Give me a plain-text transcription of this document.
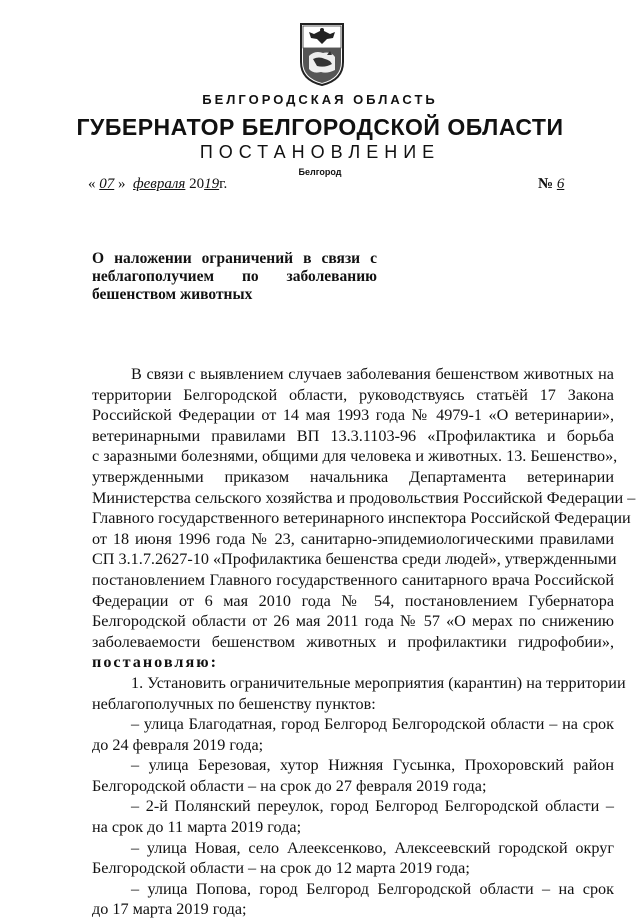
БЕЛГОРОДСКАЯ ОБЛАСТЬ
ГУБЕРНАТОР БЕЛГОРОДСКОЙ ОБЛАСТИ
ПОСТАНОВЛЕНИЕ
Белгород
« 07 » февраля 2019г.	№ 6
О наложении ограничений в связи с
неблагополучием по заболеванию
бешенством животных
В связи с выявлением случаев заболевания бешенством животных на
территории Белгородской области, руководствуясь статьёй 17 Закона
Российской Федерации от 14 мая 1993 года № 4979-1 «О ветеринарии»,
ветеринарными правилами ВП 13.3.1103-96 «Профилактика и борьба
с заразными болезнями, общими для человека и животных. 13. Бешенство»,
утвержденными приказом начальника Департамента ветеринарии
Министерства сельского хозяйства и продовольствия Российской Федерации –
Главного государственного ветеринарного инспектора Российской Федерации
от 18 июня 1996 года № 23, санитарно-эпидемиологическими правилами
СП 3.1.7.2627-10 «Профилактика бешенства среди людей», утвержденными
постановлением Главного государственного санитарного врача Российской
Федерации от 6 мая 2010 года № 54, постановлением Губернатора
Белгородской области от 26 мая 2011 года № 57 «О мерах по снижению
заболеваемости бешенством животных и профилактики гидрофобии»,
постановляю:
1. Установить ограничительные мероприятия (карантин) на территории
неблагополучных по бешенству пунктов:
– улица Благодатная, город Белгород Белгородской области – на срок
до 24 февраля 2019 года;
– улица Березовая, хутор Нижняя Гусынка, Прохоровский район
Белгородской области – на срок до 27 февраля 2019 года;
– 2-й Полянский переулок, город Белгород Белгородской области –
на срок до 11 марта 2019 года;
– улица Новая, село Алеексенково, Алексеевский городской округ
Белгородской области – на срок до 12 марта 2019 года;
– улица Попова, город Белгород Белгородской области – на срок
до 17 марта 2019 года;
